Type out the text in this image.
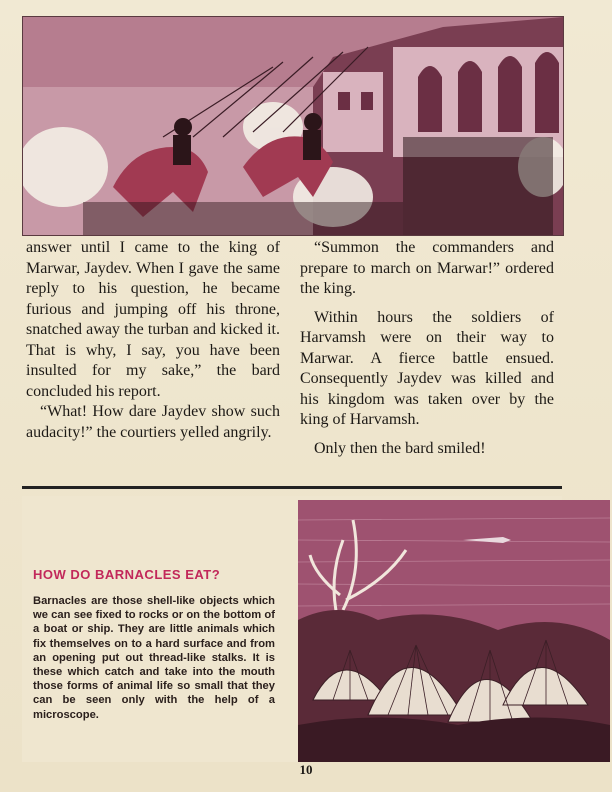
answer until I came to the king of Marwar, Jaydev. When I gave the same reply to his question, he became furious and jumping off his throne, snatched away the turban and kicked it. That is why, I say, you have been insulted for my sake,” the bard concluded his report.

“What! How dare Jaydev show such audacity!” the courtiers yelled angrily.

“Summon the commanders and prepare to march on Marwar!” ordered the king.

Within hours the soldiers of Harvamsh were on their way to Marwar. A fierce battle ensued. Consequently Jaydev was killed and his kingdom was taken over by the king of Harvamsh.

Only then the bard smiled!

HOW DO BARNACLES EAT?
Barnacles are those shell-like objects which we can see fixed to rocks or on the bottom of a boat or ship. They are little animals which fix themselves on to a hard surface and from an opening put out thread-like stalks. It is these which catch and take into the mouth those forms of animal life so small that they can be seen only with the help of a microscope.
10
